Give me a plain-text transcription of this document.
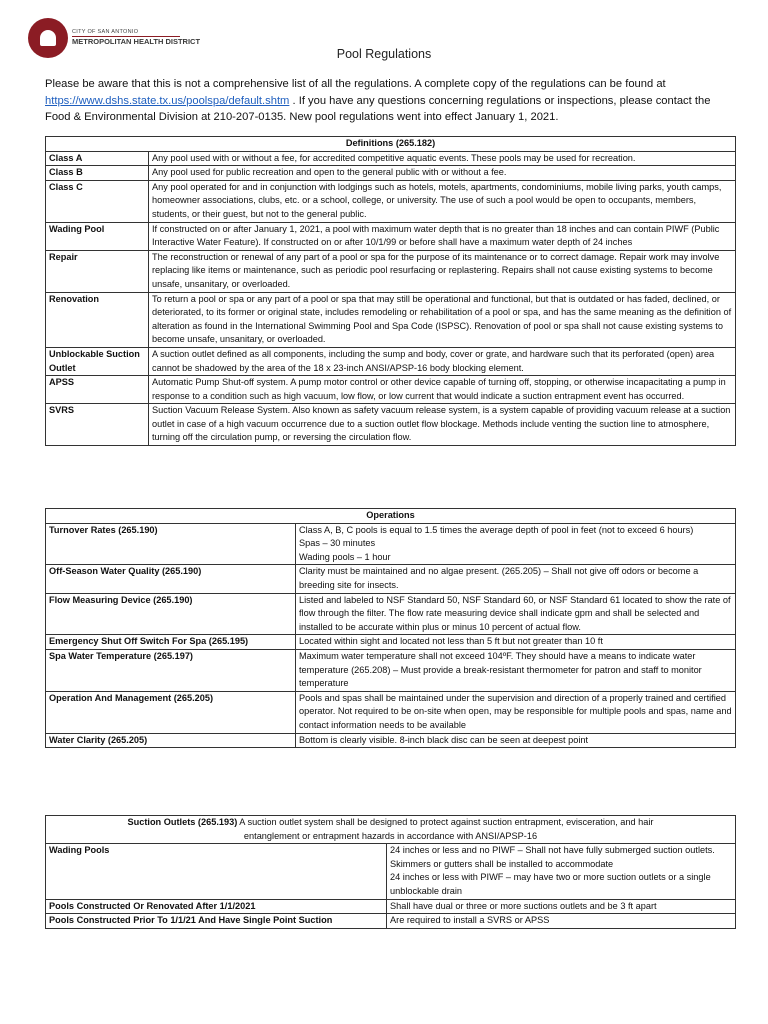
CITY OF SAN ANTONIO
METROPOLITAN HEALTH DISTRICT
Pool Regulations

Please be aware that this is not a comprehensive list of all the regulations. A complete copy of the regulations can be found at https://www.dshs.state.tx.us/poolspa/default.shtm . If you have any questions concerning regulations or inspections, please contact the Food & Environmental Division at 210-207-0135. New pool regulations went into effect January 1, 2021.

Definitions (265.182)	
Class A	Any pool used with or without a fee, for accredited competitive aquatic events. These pools may be used for recreation.
Class B	Any pool used for public recreation and open to the general public with or without a fee.
Class C	Any pool operated for and in conjunction with lodgings such as hotels, motels, apartments, condominiums, mobile living parks, youth camps, homeowner associations, clubs, etc. or a school, college, or university. The use of such a pool would be open to occupants, members, students, or their guest, but not to the general public.
Wading Pool	If constructed on or after January 1, 2021, a pool with maximum water depth that is no greater than 18 inches and can contain PIWF (Public Interactive Water Feature). If constructed on or after 10/1/99 or before shall have a maximum water depth of 24 inches
Repair	The reconstruction or renewal of any part of a pool or spa for the purpose of its maintenance or to correct damage. Repair work may involve replacing like items or maintenance, such as periodic pool resurfacing or replastering. Repairs shall not cause existing systems to become unsafe, unsanitary, or overloaded.
Renovation	To return a pool or spa or any part of a pool or spa that may still be operational and functional, but that is outdated or has faded, declined, or deteriorated, to its former or original state, includes remodeling or rehabilitation of a pool or spa, and has the same meaning as the definition of alteration as found in the International Swimming Pool and Spa Code (ISPSC). Renovation of pool or spa shall not cause existing systems to become unsafe, unsanitary, or overloaded.
Unblockable Suction Outlet	A suction outlet defined as all components, including the sump and body, cover or grate, and hardware such that its perforated (open) area cannot be shadowed by the area of the 18 x 23-inch ANSI/APSP-16 body blocking element.
APSS	Automatic Pump Shut-off system. A pump motor control or other device capable of turning off, stopping, or otherwise incapacitating a pump in response to a condition such as high vacuum, low flow, or low current that would indicate a suction entrapment event has occurred.
SVRS	Suction Vacuum Release System. Also known as safety vacuum release system, is a system capable of providing vacuum release at a suction outlet in case of a high vacuum occurrence due to a suction outlet flow blockage. Methods include venting the suction line to atmosphere, turning off the circulation pump, or reversing the circulation flow.
Operations	
Turnover Rates (265.190)	Class A, B, C pools is equal to 1.5 times the average depth of pool in feet (not to exceed 6 hours)
Spas – 30 minutes
Wading pools – 1 hour

Off-Season Water Quality (265.190)	Clarity must be maintained and no algae present. (265.205) – Shall not give off odors or become a breeding site for insects.

Flow Measuring Device (265.190)	Listed and labeled to NSF Standard 50, NSF Standard 60, or NSF Standard 61 located to show the rate of flow through the filter. The flow rate measuring device shall indicate gpm and shall be selected and installed to be accurate within plus or minus 10 percent of actual flow.

Emergency Shut Off Switch For Spa (265.195)	Located within sight and located not less than 5 ft but not greater than 10 ft

Spa Water Temperature (265.197)	Maximum water temperature shall not exceed 104ºF. They should have a means to indicate water temperature (265.208) – Must provide a break-resistant thermometer for patron and staff to monitor temperature

Operation And Management (265.205)	Pools and spas shall be maintained under the supervision and direction of a properly trained and certified operator. Not required to be on-site when open, may be responsible for multiple pools and spas, name and contact information needs to be available

Water Clarity (265.205)	Bottom is clearly visible. 8-inch black disc can be seen at deepest point
Suction Outlets (265.193) A suction outlet system shall be designed to protect against suction entrapment, evisceration, and hair entanglement or entrapment hazards in accordance with ANSI/APSP-16	
Wading Pools	24 inches or less and no PIWF – Shall not have fully submerged suction outlets. Skimmers or gutters shall be installed to accommodate
24 inches or less with PIWF – may have two or more suction outlets or a single unblockable drain

Pools Constructed Or Renovated After 1/1/2021	Shall have dual or three or more suctions outlets and be 3 ft apart

Pools Constructed Prior To 1/1/21 And Have Single Point Suction	Are required to install a SVRS or APSS
